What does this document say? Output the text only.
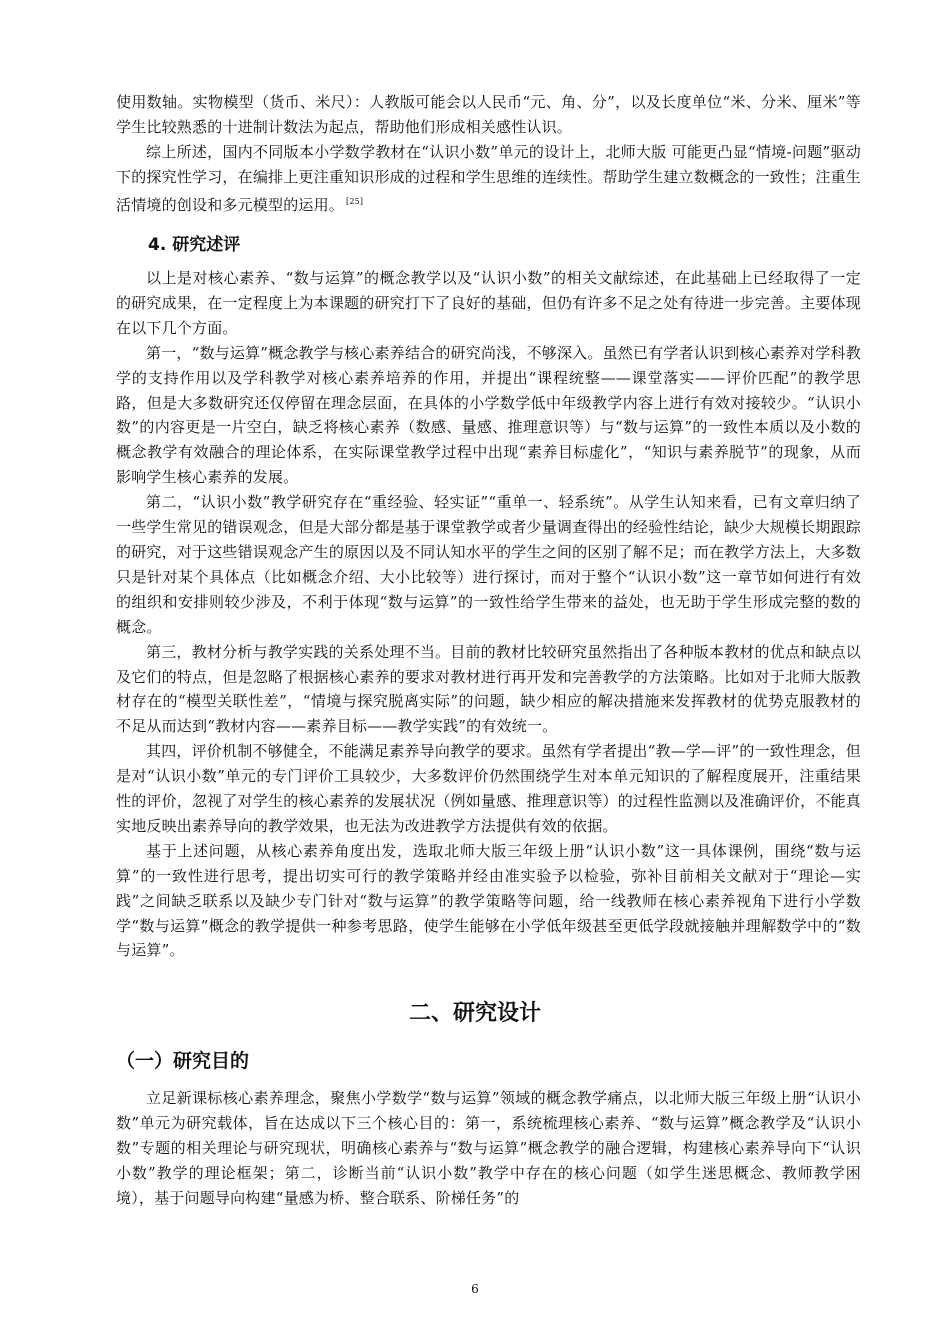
使用数轴。实物模型（货币、米尺）：人教版可能会以人民币“元、角、分”，以及长度单位“米、分米、厘米”等学生比较熟悉的十进制计数法为起点，帮助他们形成相关感性认识。

综上所述，国内不同版本小学数学教材在“认识小数”单元的设计上，北师大版 可能更凸显“情境-问题”驱动下的探究性学习，在编排上更注重知识形成的过程和学生思维的连续性。帮助学生建立数概念的一致性；注重生活情境的创设和多元模型的运用。 [25]

4. 研究述评

以上是对核心素养、“数与运算”的概念教学以及“认识小数”的相关文献综述，在此基础上已经取得了一定的研究成果，在一定程度上为本课题的研究打下了良好的基础，但仍有许多不足之处有待进一步完善。主要体现在以下几个方面。

第一，“数与运算”概念教学与核心素养结合的研究尚浅，不够深入。虽然已有学者认识到核心素养对学科教学的支持作用以及学科教学对核心素养培养的作用，并提出“课程统整——课堂落实——评价匹配”的教学思路，但是大多数研究还仅停留在理念层面，在具体的小学数学低中年级教学内容上进行有效对接较少。“认识小数”的内容更是一片空白，缺乏将核心素养（数感、量感、推理意识等）与“数与运算”的一致性本质以及小数的概念教学有效融合的理论体系，在实际课堂教学过程中出现“素养目标虚化”，“知识与素养脱节”的现象，从而影响学生核心素养的发展。

第二，“认识小数”教学研究存在“重经验、轻实证”“重单一、轻系统”。从学生认知来看，已有文章归纳了一些学生常见的错误观念，但是大部分都是基于课堂教学或者少量调查得出的经验性结论，缺少大规模长期跟踪的研究，对于这些错误观念产生的原因以及不同认知水平的学生之间的区别了解不足；而在教学方法上，大多数只是针对某个具体点（比如概念介绍、大小比较等）进行探讨，而对于整个“认识小数”这一章节如何进行有效的组织和安排则较少涉及，不利于体现“数与运算”的一致性给学生带来的益处，也无助于学生形成完整的数的概念。

第三，教材分析与教学实践的关系处理不当。目前的教材比较研究虽然指出了各种版本教材的优点和缺点以及它们的特点，但是忽略了根据核心素养的要求对教材进行再开发和完善教学的方法策略。比如对于北师大版教材存在的“模型关联性差”，“情境与探究脱离实际”的问题，缺少相应的解决措施来发挥教材的优势克服教材的不足从而达到“教材内容——素养目标——教学实践”的有效统一。

其四，评价机制不够健全，不能满足素养导向教学的要求。虽然有学者提出“教—学—评”的一致性理念，但是对“认识小数”单元的专门评价工具较少，大多数评价仍然围绕学生对本单元知识的了解程度展开，注重结果性的评价，忽视了对学生的核心素养的发展状况（例如量感、推理意识等）的过程性监测以及准确评价，不能真实地反映出素养导向的教学效果，也无法为改进教学方法提供有效的依据。

基于上述问题，从核心素养角度出发，选取北师大版三年级上册“认识小数”这一具体课例，围绕“数与运算”的一致性进行思考，提出切实可行的教学策略并经由准实验予以检验，弥补目前相关文献对于“理论—实践”之间缺乏联系以及缺少专门针对“数与运算”的教学策略等问题，给一线教师在核心素养视角下进行小学数学“数与运算”概念的教学提供一种参考思路，使学生能够在小学低年级甚至更低学段就接触并理解数学中的“数与运算”。

二、研究设计
（一）研究目的

立足新课标核心素养理念，聚焦小学数学“数与运算”领域的概念教学痛点，以北师大版三年级上册“认识小数”单元为研究载体，旨在达成以下三个核心目的：第一，系统梳理核心素养、“数与运算”概念教学及“认识小数”专题的相关理论与研究现状，明确核心素养与“数与运算”概念教学的融合逻辑，构建核心素养导向下“认识小数”教学的理论框架；第二，诊断当前“认识小数”教学中存在的核心问题（如学生迷思概念、教师教学困境），基于问题导向构建“量感为桥、整合联系、阶梯任务”的

6
